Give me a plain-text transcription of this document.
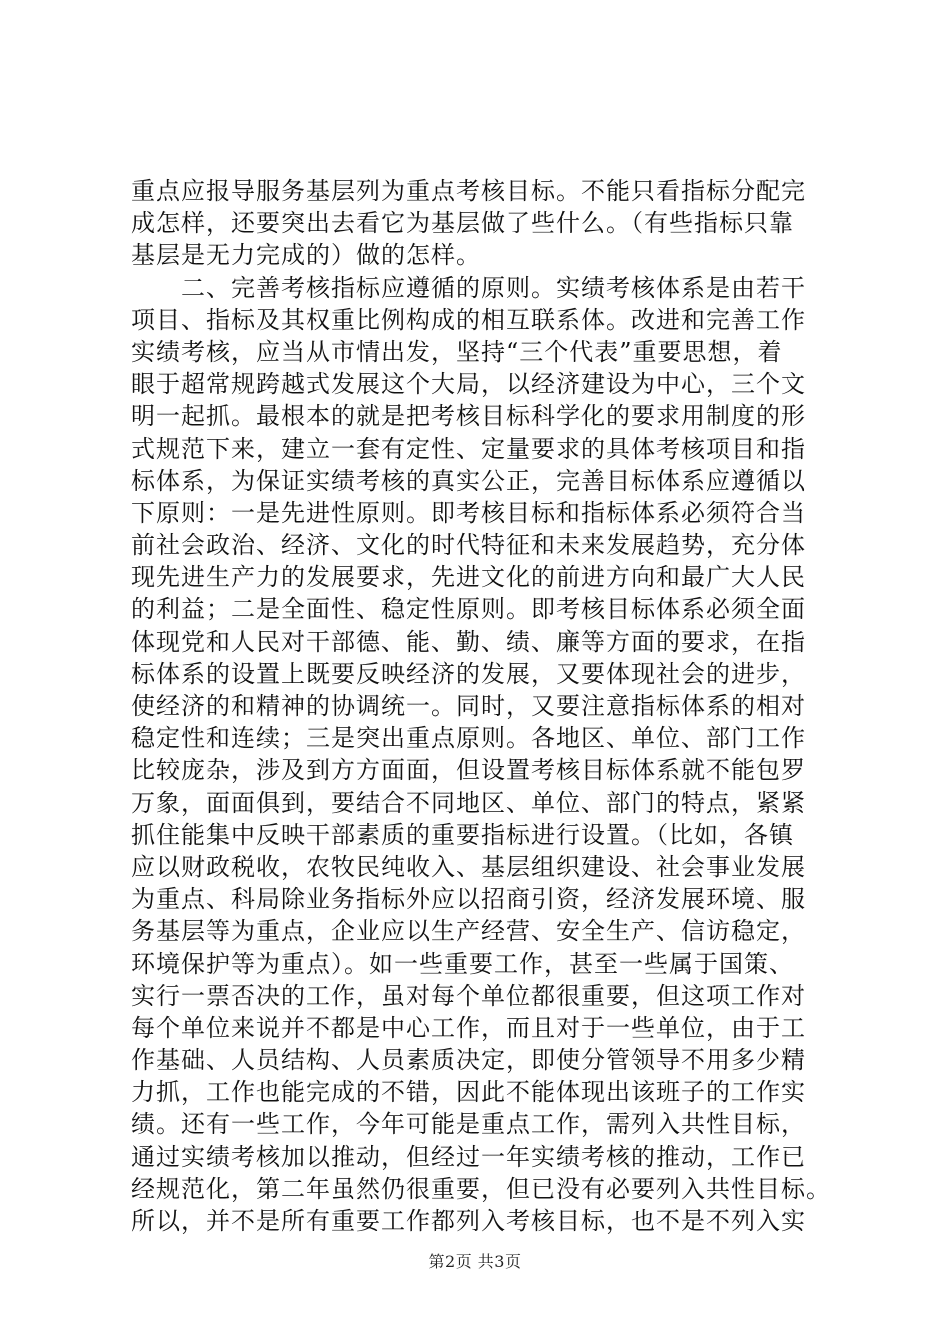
重点应报导服务基层列为重点考核目标。不能只看指标分配完
成怎样，还要突出去看它为基层做了些什么。（有些指标只靠
基层是无力完成的）做的怎样。
　　二、完善考核指标应遵循的原则。实绩考核体系是由若干
项目、指标及其权重比例构成的相互联系体。改进和完善工作
实绩考核，应当从市情出发，坚持“三个代表”重要思想，着
眼于超常规跨越式发展这个大局，以经济建设为中心，三个文
明一起抓。最根本的就是把考核目标科学化的要求用制度的形
式规范下来，建立一套有定性、定量要求的具体考核项目和指
标体系，为保证实绩考核的真实公正，完善目标体系应遵循以
下原则：一是先进性原则。即考核目标和指标体系必须符合当
前社会政治、经济、文化的时代特征和未来发展趋势，充分体
现先进生产力的发展要求，先进文化的前进方向和最广大人民
的利益；二是全面性、稳定性原则。即考核目标体系必须全面
体现党和人民对干部德、能、勤、绩、廉等方面的要求，在指
标体系的设置上既要反映经济的发展，又要体现社会的进步，
使经济的和精神的协调统一。同时，又要注意指标体系的相对
稳定性和连续；三是突出重点原则。各地区、单位、部门工作
比较庞杂，涉及到方方面面，但设置考核目标体系就不能包罗
万象，面面俱到，要结合不同地区、单位、部门的特点，紧紧
抓住能集中反映干部素质的重要指标进行设置。（比如，各镇
应以财政税收，农牧民纯收入、基层组织建设、社会事业发展
为重点、科局除业务指标外应以招商引资，经济发展环境、服
务基层等为重点，企业应以生产经营、安全生产、信访稳定，
环境保护等为重点）。如一些重要工作，甚至一些属于国策、
实行一票否决的工作，虽对每个单位都很重要，但这项工作对
每个单位来说并不都是中心工作，而且对于一些单位，由于工
作基础、人员结构、人员素质决定，即使分管领导不用多少精
力抓，工作也能完成的不错，因此不能体现出该班子的工作实
绩。还有一些工作，今年可能是重点工作，需列入共性目标，
通过实绩考核加以推动，但经过一年实绩考核的推动，工作已
经规范化，第二年虽然仍很重要，但已没有必要列入共性目标。
所以，并不是所有重要工作都列入考核目标，也不是不列入实
第2页 共3页
